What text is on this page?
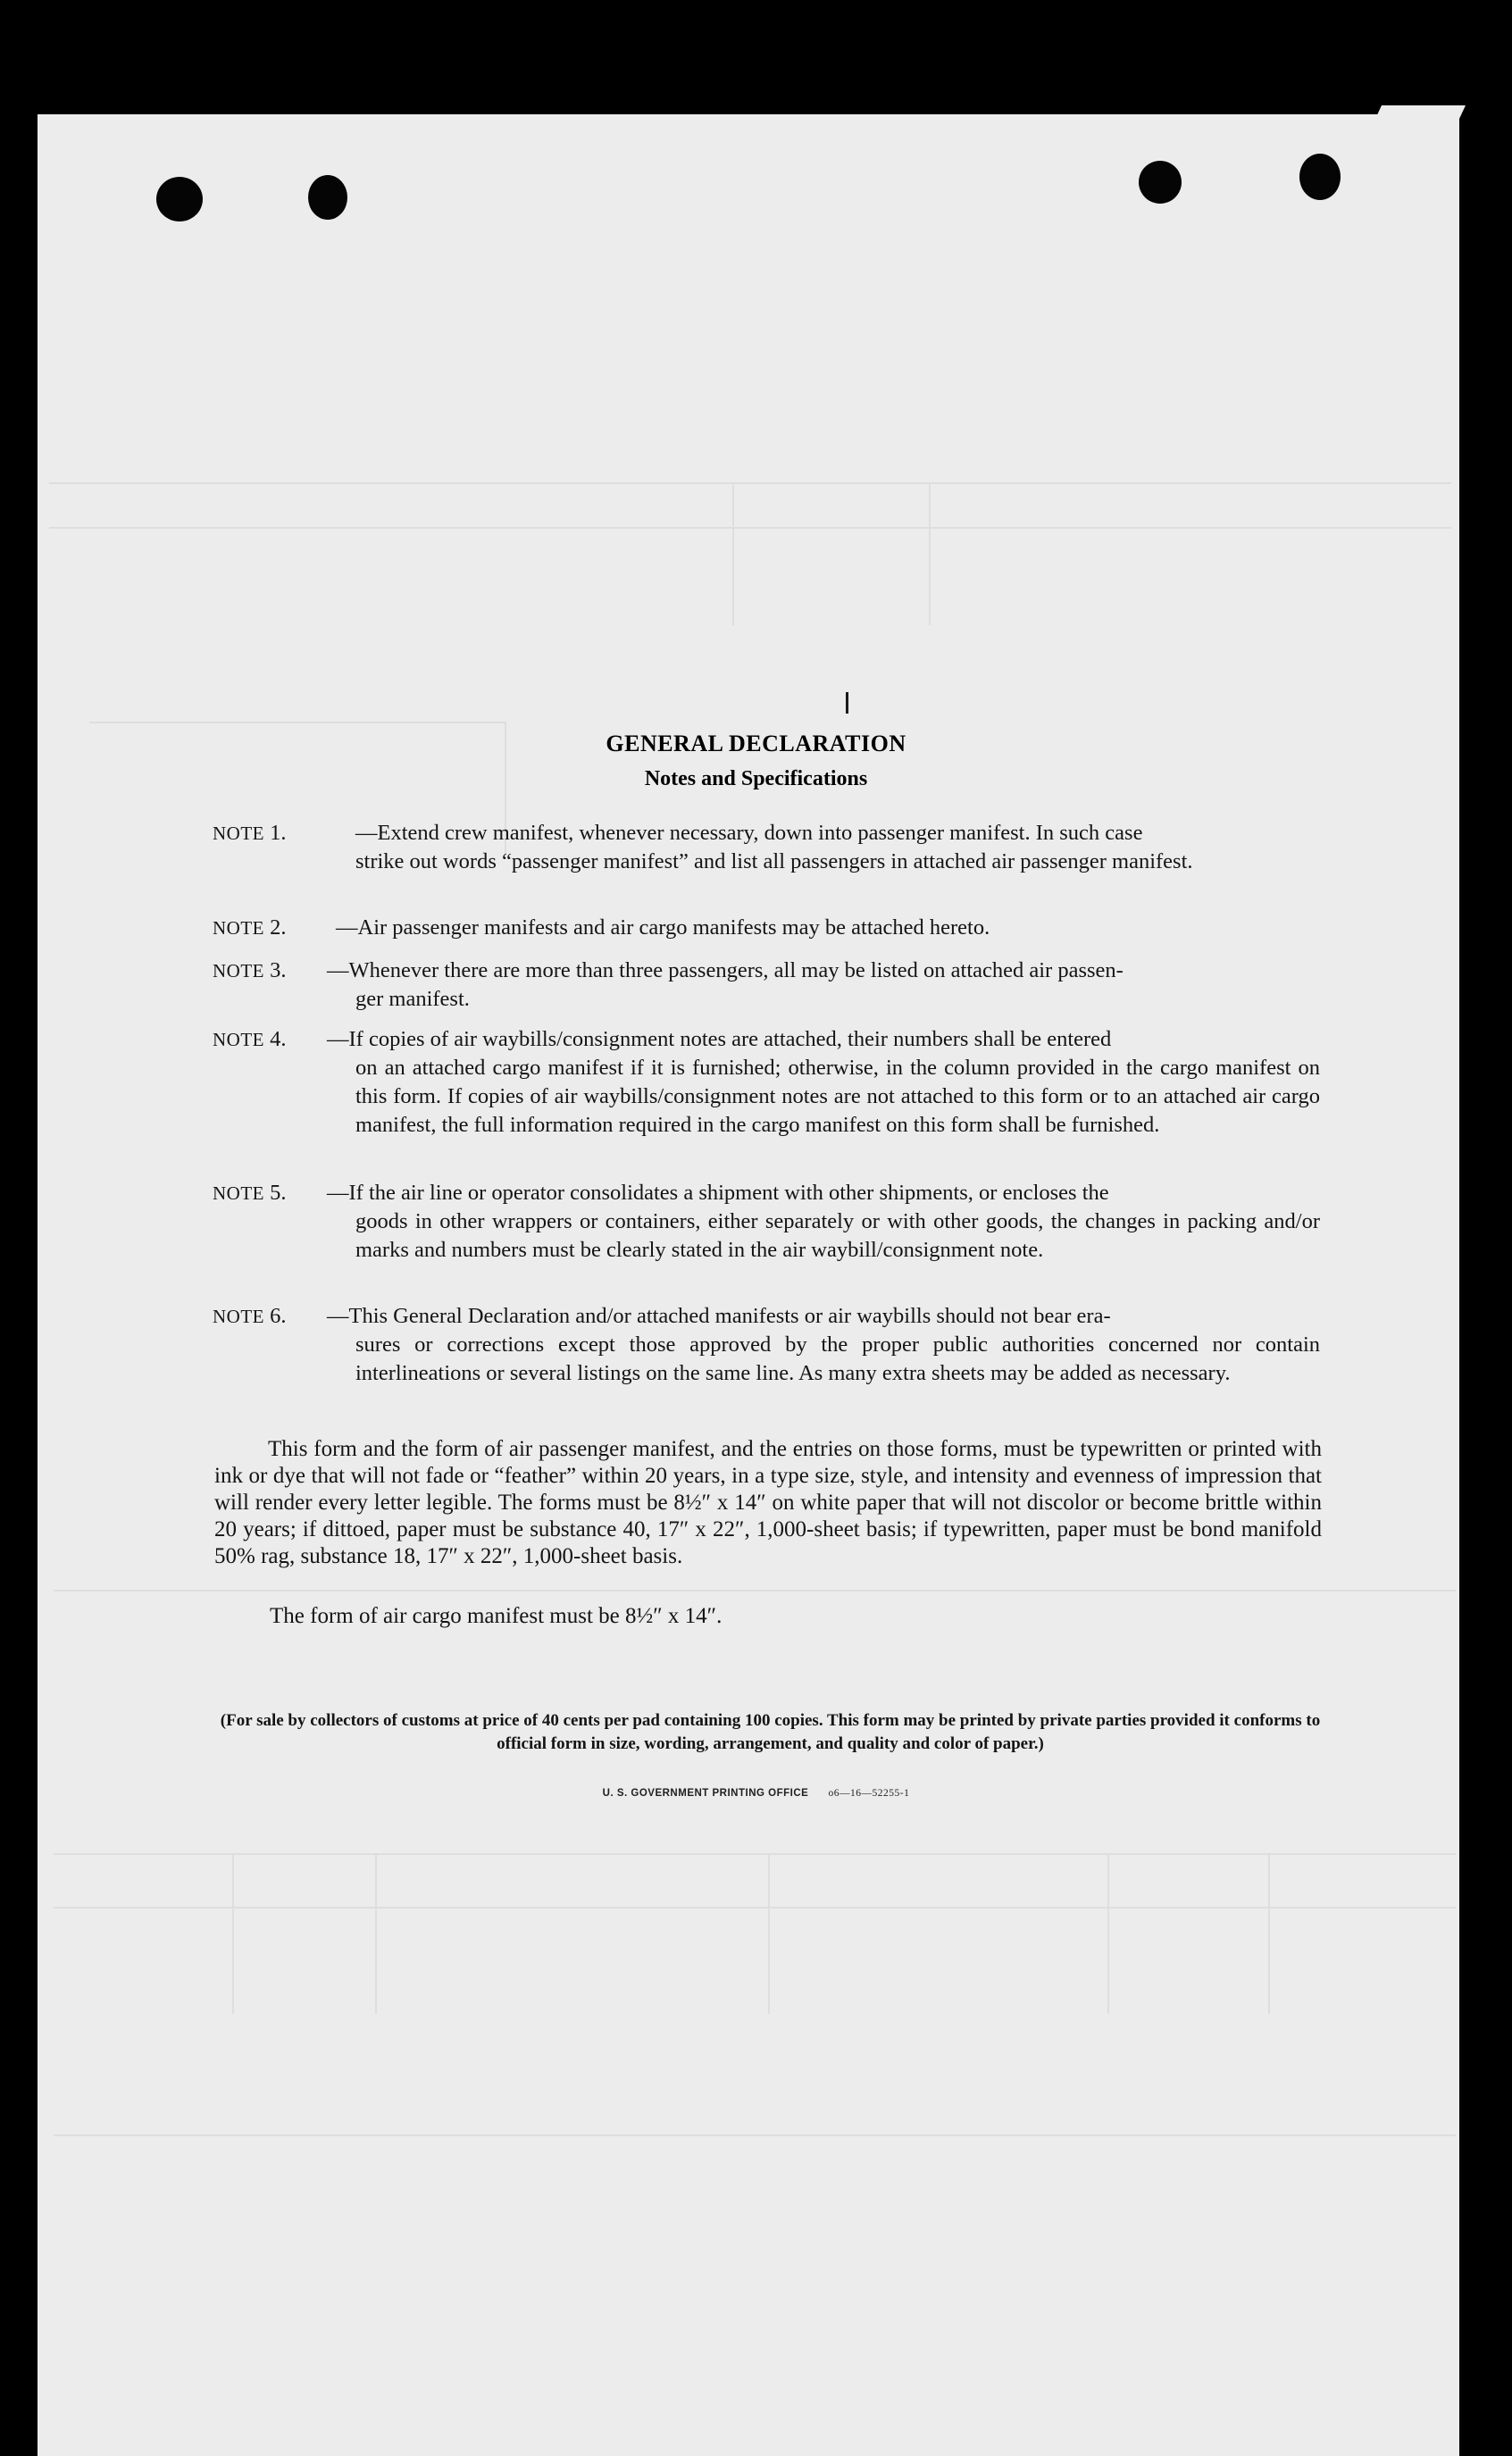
GENERAL DECLARATION
Notes and Specifications
NOTE 1.	—Extend crew manifest, whenever necessary, down into passenger manifest. In such case
strike out words “passenger manifest” and list all passengers in attached air passenger manifest.
NOTE 2.	—Air passenger manifests and air cargo manifests may be attached hereto.
NOTE 3.	—Whenever there are more than three passengers, all may be listed on attached air passen-
ger manifest.
NOTE 4.	—If copies of air waybills/consignment notes are attached, their numbers shall be entered
on an attached cargo manifest if it is furnished; otherwise, in the column provided in the cargo manifest on this form. If copies of air waybills/consignment notes are not attached to this form or to an attached air cargo manifest, the full information required in the cargo manifest on this form shall be furnished.
NOTE 5.	—If the air line or operator consolidates a shipment with other shipments, or encloses the
goods in other wrappers or containers, either separately or with other goods, the changes in packing and/or marks and numbers must be clearly stated in the air waybill/consignment note.
NOTE 6.	—This General Declaration and/or attached manifests or air waybills should not bear era-
sures or corrections except those approved by the proper public authorities concerned nor contain interlineations or several listings on the same line. As many extra sheets may be added as necessary.
This form and the form of air passenger manifest, and the entries on those forms, must be typewritten or printed with ink or dye that will not fade or “feather” within 20 years, in a type size, style, and intensity and evenness of impression that will render every letter legible. The forms must be 8½″ x 14″ on white paper that will not discolor or become brittle within 20 years; if dittoed, paper must be substance 40, 17″ x 22″, 1,000-sheet basis; if typewritten, paper must be bond manifold 50% rag, substance 18, 17″ x 22″, 1,000-sheet basis.
The form of air cargo manifest must be 8½″ x 14″.
(For sale by collectors of customs at price of 40 cents per pad containing 100 copies. This form may be printed by private parties provided it conforms to official form in size, wording, arrangement, and quality and color of paper.)
U. S. GOVERNMENT PRINTING OFFICE o6—16—52255-1
